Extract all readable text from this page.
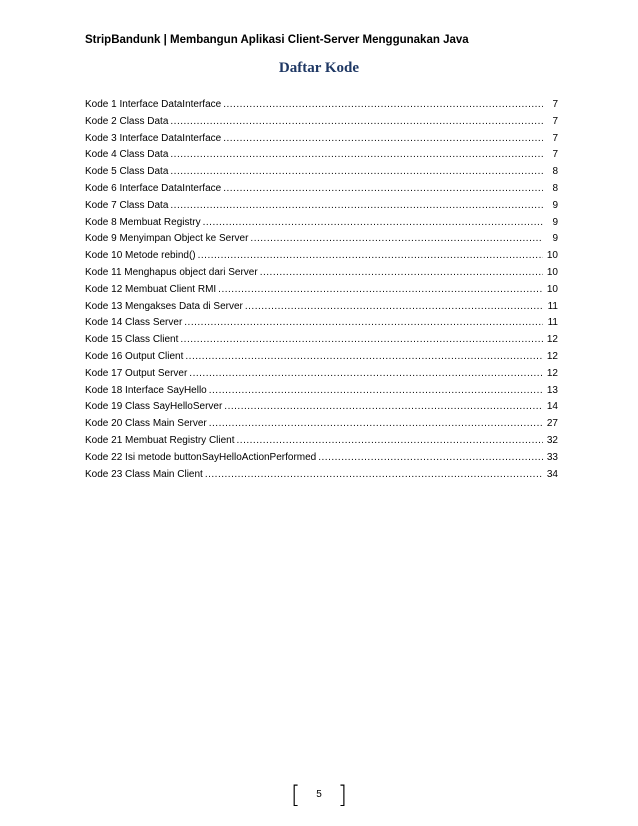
StripBandunk | Membangun Aplikasi Client-Server Menggunakan Java
Daftar Kode
Kode 1 Interface DataInterface .....	7
Kode 2 Class Data .....	7
Kode 3 Interface DataInterface .....	7
Kode 4 Class Data .....	7
Kode 5 Class Data .....	8
Kode 6 Interface DataInterface .....	8
Kode 7 Class Data .....	9
Kode 8 Membuat Registry .....	9
Kode 9 Menyimpan Object ke Server .....	9
Kode 10 Metode rebind() .....	10
Kode 11 Menghapus object dari Server .....	10
Kode 12 Membuat Client RMI .....	10
Kode 13 Mengakses Data di Server .....	11
Kode 14 Class Server .....	11
Kode 15 Class Client .....	12
Kode 16 Output Client .....	12
Kode 17 Output Server .....	12
Kode 18 Interface SayHello .....	13
Kode 19 Class SayHelloServer .....	14
Kode 20 Class Main Server .....	27
Kode 21 Membuat Registry Client .....	32
Kode 22 Isi metode buttonSayHelloActionPerformed .....	33
Kode 23 Class Main Client .....	34
[	5 ]
